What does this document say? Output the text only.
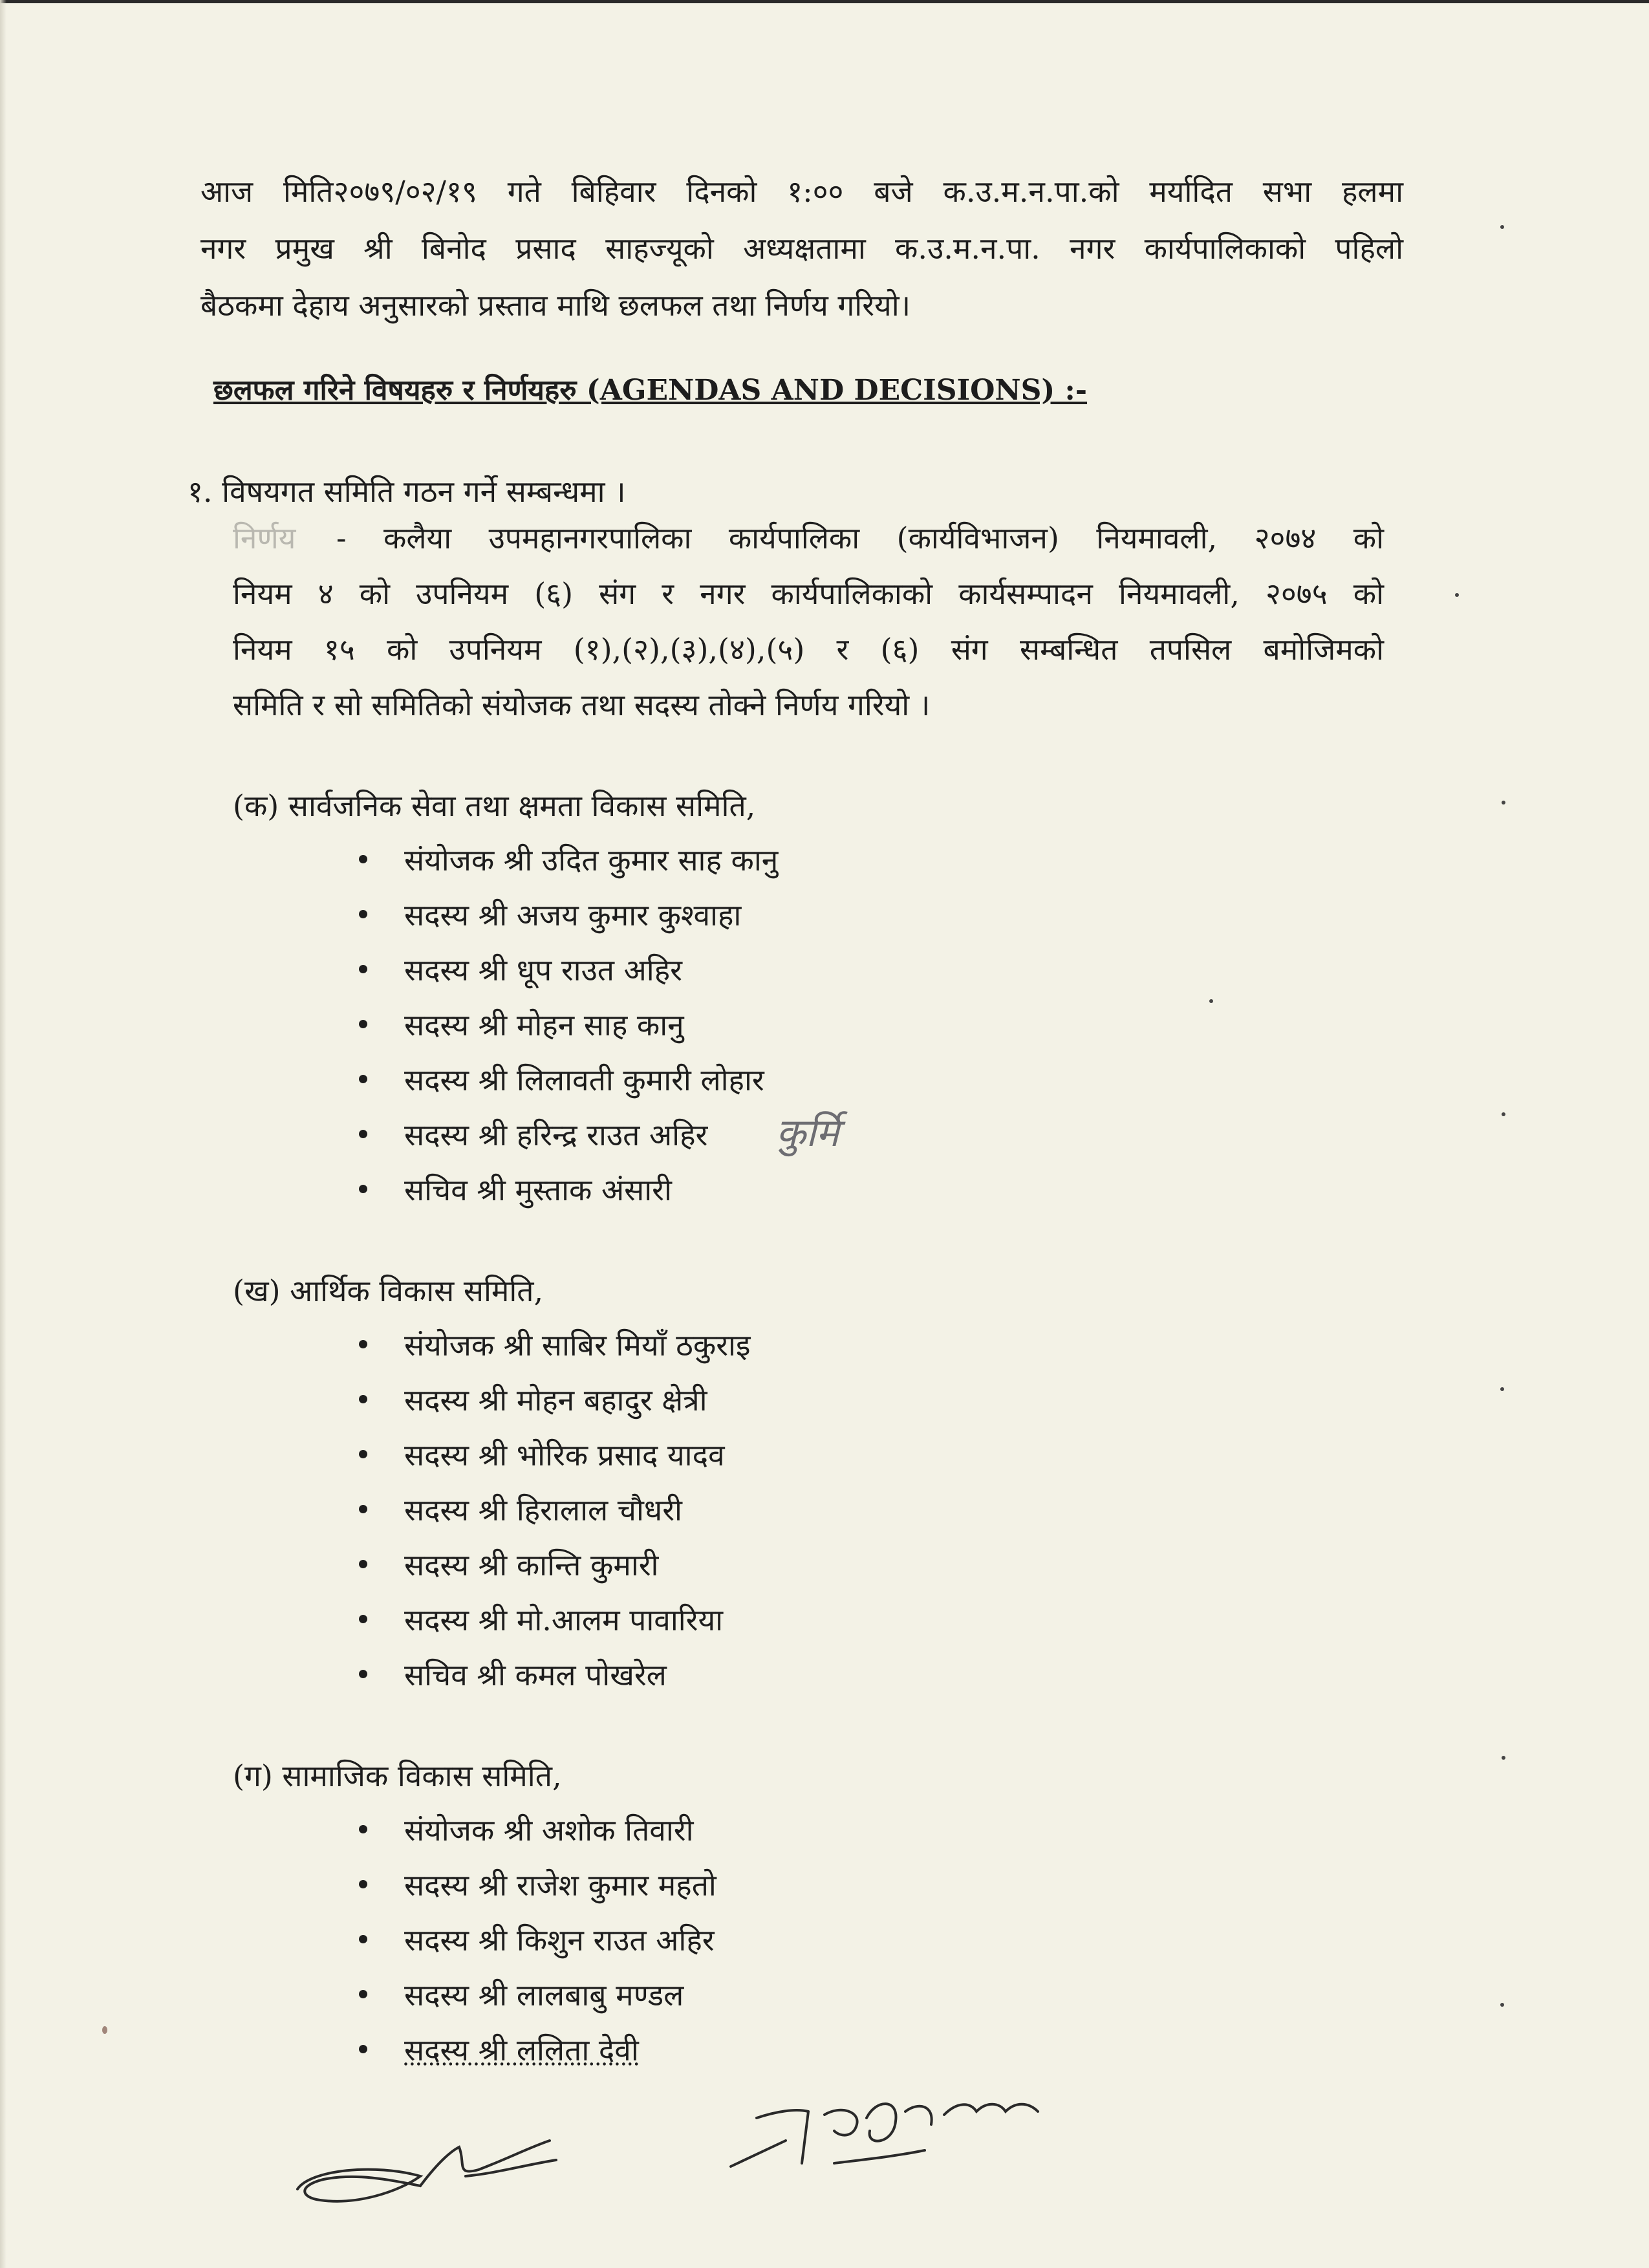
आज मिति२०७९/०२/१९ गते बिहिवार दिनको १:०० बजे क.उ.म.न.पा.को मर्यादित सभा हलमा
नगर प्रमुख श्री बिनोद प्रसाद साहज्यूको अध्यक्षतामा क.उ.म.न.पा. नगर कार्यपालिकाको पहिलो
बैठकमा देहाय अनुसारको प्रस्ताव माथि छलफल तथा निर्णय गरियो।
छलफल गरिने विषयहरु र निर्णयहरु (AGENDAS AND DECISIONS) :-
१. विषयगत समिति गठन गर्ने सम्बन्धमा ।
निर्णय - कलैया उपमहानगरपालिका कार्यपालिका (कार्यविभाजन) नियमावली, २०७४ को
नियम ४ को उपनियम (६) संग र नगर कार्यपालिकाको कार्यसम्पादन नियमावली, २०७५ को
नियम १५ को उपनियम (१),(२),(३),(४),(५) र (६) संग सम्बन्धित तपसिल बमोजिमको
समिति र सो समितिको संयोजक तथा सदस्य तोक्ने निर्णय गरियो ।
(क) सार्वजनिक सेवा तथा क्षमता विकास समिति,
संयोजक श्री उदित कुमार साह कानु
सदस्य श्री अजय कुमार कुश्वाहा
सदस्य श्री धूप राउत अहिर
सदस्य श्री मोहन साह कानु
सदस्य श्री लिलावती कुमारी लोहार
सदस्य श्री हरिन्द्र राउत अहिर कुर्मि
सचिव श्री मुस्ताक अंसारी
(ख) आर्थिक विकास समिति,
संयोजक श्री साबिर मियाँ ठकुराइ
सदस्य श्री मोहन बहादुर क्षेत्री
सदस्य श्री भोरिक प्रसाद यादव
सदस्य श्री हिरालाल चौधरी
सदस्य श्री कान्ति कुमारी
सदस्य श्री मो.आलम पावारिया
सचिव श्री कमल पोखरेल
(ग) सामाजिक विकास समिति,
संयोजक श्री अशोक तिवारी
सदस्य श्री राजेश कुमार महतो
सदस्य श्री किशुन राउत अहिर
सदस्य श्री लालबाबु मण्डल
सदस्य श्री ललिता देवी
